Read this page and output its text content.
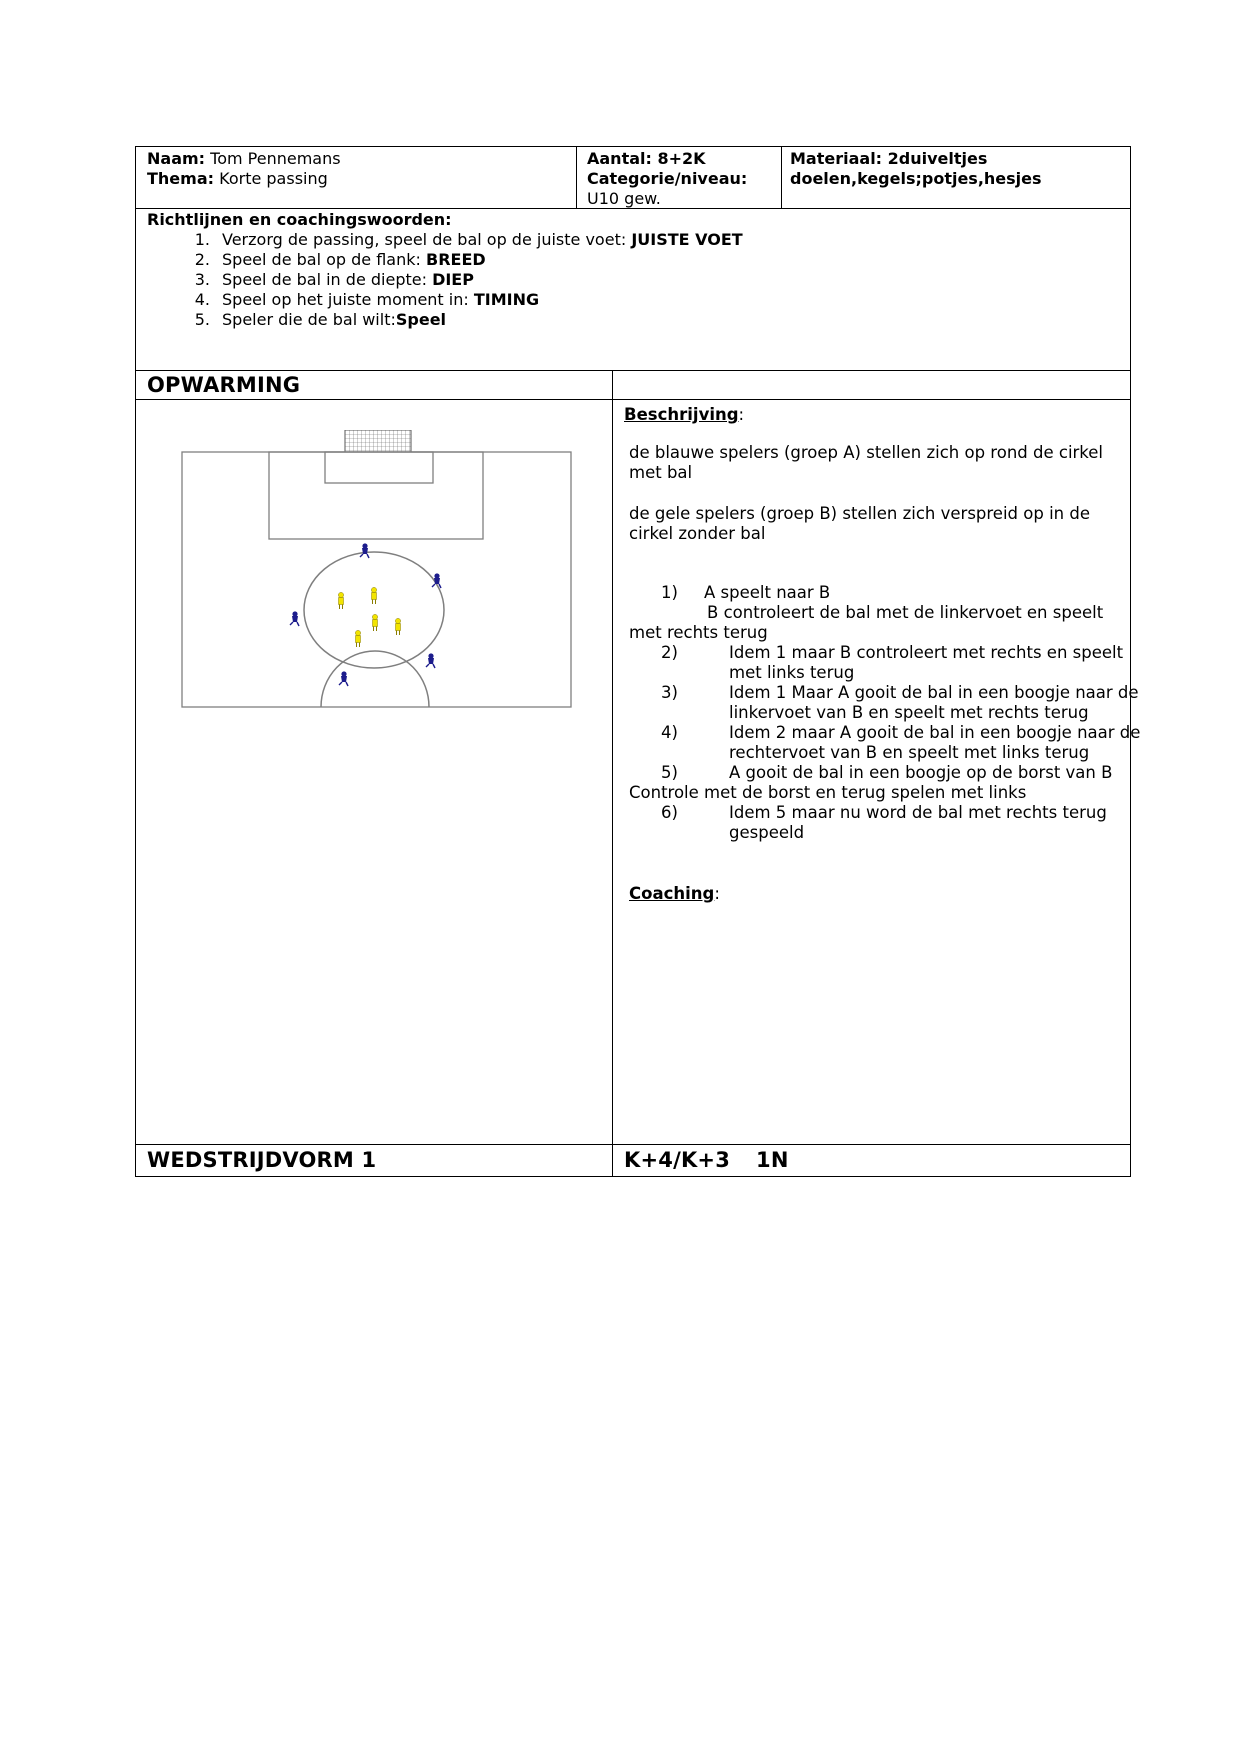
Naam: Tom Pennemans
Thema: Korte passing
Aantal: 8+2K
Categorie/niveau:
U10 gew.
Materiaal: 2duiveltjes
doelen,kegels;potjes,hesjes
Richtlijnen en coachingswoorden:
1. Verzorg de passing, speel de bal op de juiste voet: JUISTE VOET
2. Speel de bal op de flank: BREED
3. Speel de bal in de diepte: DIEP
4. Speel op het juiste moment in: TIMING
5. Speler die de bal wilt:Speel
OPWARMING
Beschrijving:
de blauwe spelers (groep A) stellen zich op rond de cirkel
met bal
de gele spelers (groep B) stellen zich verspreid op in de
cirkel zonder bal
1) A speelt naar B
B controleert de bal met de linkervoet en speelt
met rechts terug
2)	Idem 1 maar B controleert met rechts en speelt
met links terug
3)	Idem 1 Maar A gooit de bal in een boogje naar de
linkervoet van B en speelt met rechts terug
4)	Idem 2 maar A gooit de bal in een boogje naar de
rechtervoet van B en speelt met links terug
5)	A gooit de bal in een boogje op de borst van B
Controle met de borst en terug spelen met links
6)	Idem 5 maar nu word de bal met rechts terug
gespeeld
Coaching:
WEDSTRIJDVORM 1	K+4/K+3 1N
